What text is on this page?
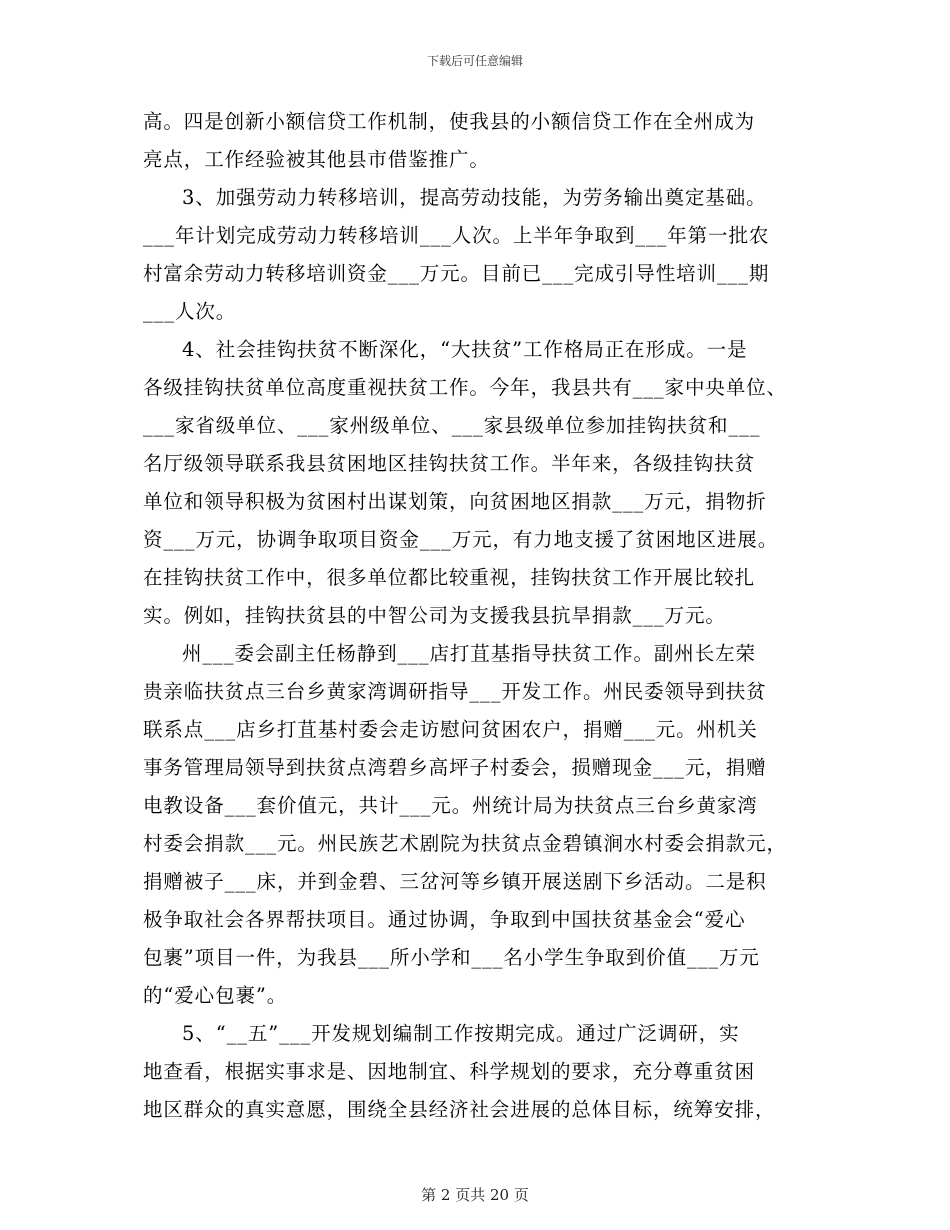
下载后可任意编辑
高。四是创新小额信贷工作机制，使我县的小额信贷工作在全州成为
亮点，工作经验被其他县市借鉴推广。
3、加强劳动力转移培训，提高劳动技能，为劳务输出奠定基础。
___年计划完成劳动力转移培训___人次。上半年争取到___年第一批农
村富余劳动力转移培训资金___万元。目前已___完成引导性培训___期
___人次。
4、社会挂钩扶贫不断深化，“大扶贫”工作格局正在形成。一是
各级挂钩扶贫单位高度重视扶贫工作。今年，我县共有___家中央单位、
___家省级单位、___家州级单位、___家县级单位参加挂钩扶贫和___
名厅级领导联系我县贫困地区挂钩扶贫工作。半年来，各级挂钩扶贫
单位和领导积极为贫困村出谋划策，向贫困地区捐款___万元，捐物折
资___万元，协调争取项目资金___万元，有力地支援了贫困地区进展。
在挂钩扶贫工作中，很多单位都比较重视，挂钩扶贫工作开展比较扎
实。例如，挂钩扶贫县的中智公司为支援我县抗旱捐款___万元。
州___委会副主任杨静到___店打苴基指导扶贫工作。副州长左荣
贵亲临扶贫点三台乡黄家湾调研指导___开发工作。州民委领导到扶贫
联系点___店乡打苴基村委会走访慰问贫困农户，捐赠___元。州机关
事务管理局领导到扶贫点湾碧乡高坪子村委会，损赠现金___元，捐赠
电教设备___套价值元，共计___元。州统计局为扶贫点三台乡黄家湾
村委会捐款___元。州民族艺术剧院为扶贫点金碧镇涧水村委会捐款元，
捐赠被子___床，并到金碧、三岔河等乡镇开展送剧下乡活动。二是积
极争取社会各界帮扶项目。通过协调，争取到中国扶贫基金会“爱心
包裹”项目一件，为我县___所小学和___名小学生争取到价值___万元
的“爱心包裹”。
5、“__五”___开发规划编制工作按期完成。通过广泛调研，实
地查看，根据实事求是、因地制宜、科学规划的要求，充分尊重贫困
地区群众的真实意愿，围绕全县经济社会进展的总体目标，统筹安排，
第 2 页共 20 页
